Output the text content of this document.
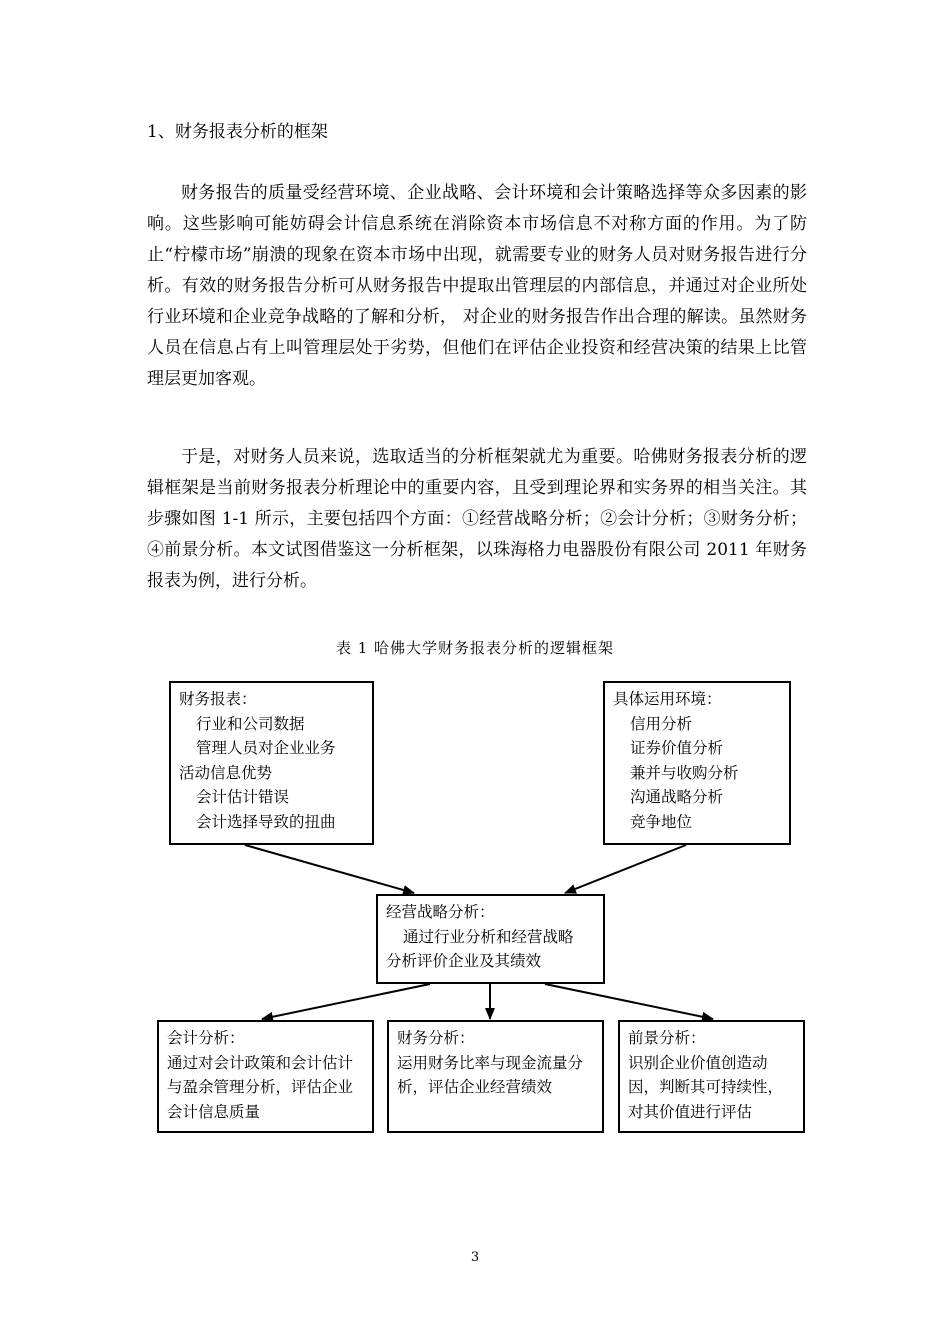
1、财务报表分析的框架

财务报告的质量受经营环境、企业战略、会计环境和会计策略选择等众多因素的影响。这些影响可能妨碍会计信息系统在消除资本市场信息不对称方面的作用。为了防止“柠檬市场”崩溃的现象在资本市场中出现，就需要专业的财务人员对财务报告进行分析。有效的财务报告分析可从财务报告中提取出管理层的内部信息，并通过对企业所处行业环境和企业竞争战略的了解和分析， 对企业的财务报告作出合理的解读。虽然财务人员在信息占有上叫管理层处于劣势，但他们在评估企业投资和经营决策的结果上比管理层更加客观。

于是，对财务人员来说，选取适当的分析框架就尤为重要。哈佛财务报表分析的逻辑框架是当前财务报表分析理论中的重要内容，且受到理论界和实务界的相当关注。其步骤如图 1-1 所示，主要包括四个方面：①经营战略分析；②会计分析；③财务分析；④前景分析。本文试图借鉴这一分析框架，以珠海格力电器股份有限公司 2011 年财务报表为例，进行分析。

表 1 哈佛大学财务报表分析的逻辑框架
财务报表：
行业和公司数据
管理人员对企业业务
活动信息优势
会计估计错误
会计选择导致的扭曲
具体运用环境：
信用分析
证券价值分析
兼并与收购分析
沟通战略分析
竞争地位
经营战略分析：
通过行业分析和经营战略
分析评价企业及其绩效
会计分析：
通过对会计政策和会计估计与盈余管理分析，评估企业会计信息质量
财务分析：
运用财务比率与现金流量分析，评估企业经营绩效
前景分析：
识别企业价值创造动因，判断其可持续性，对其价值进行评估
3
